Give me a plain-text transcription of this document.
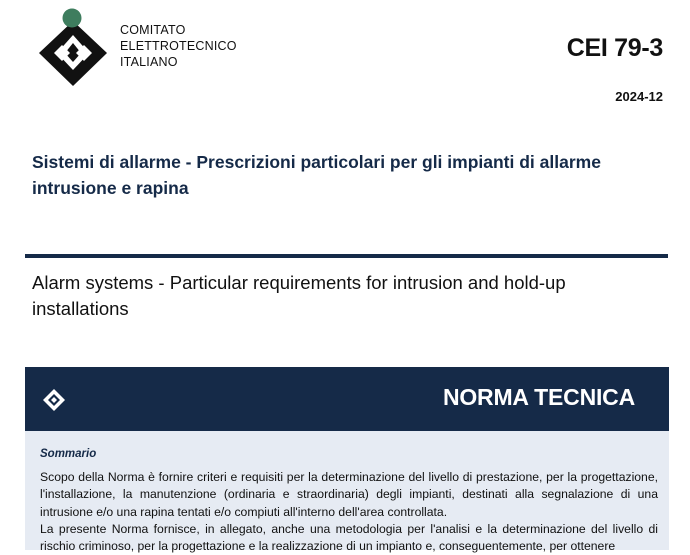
COMITATO
ELETTROTECNICO
ITALIANO	CEI 79-3
2024-12
Sistemi di allarme - Prescrizioni particolari per gli impianti di allarme intrusione e rapina
Alarm systems - Particular requirements for intrusion and hold-up installations
NORMA TECNICA
Sommario

Scopo della Norma è fornire criteri e requisiti per la determinazione del livello di prestazione, per la progettazione, l'installazione, la manutenzione (ordinaria e straordinaria) degli impianti, destinati alla segnalazione di una intrusione e/o una rapina tentati e/o compiuti all'interno dell'area controllata.

La presente Norma fornisce, in allegato, anche una metodologia per l'analisi e la determinazione del livello di rischio criminoso, per la progettazione e la realizzazione di un impianto e, conseguentemente, per ottenere
